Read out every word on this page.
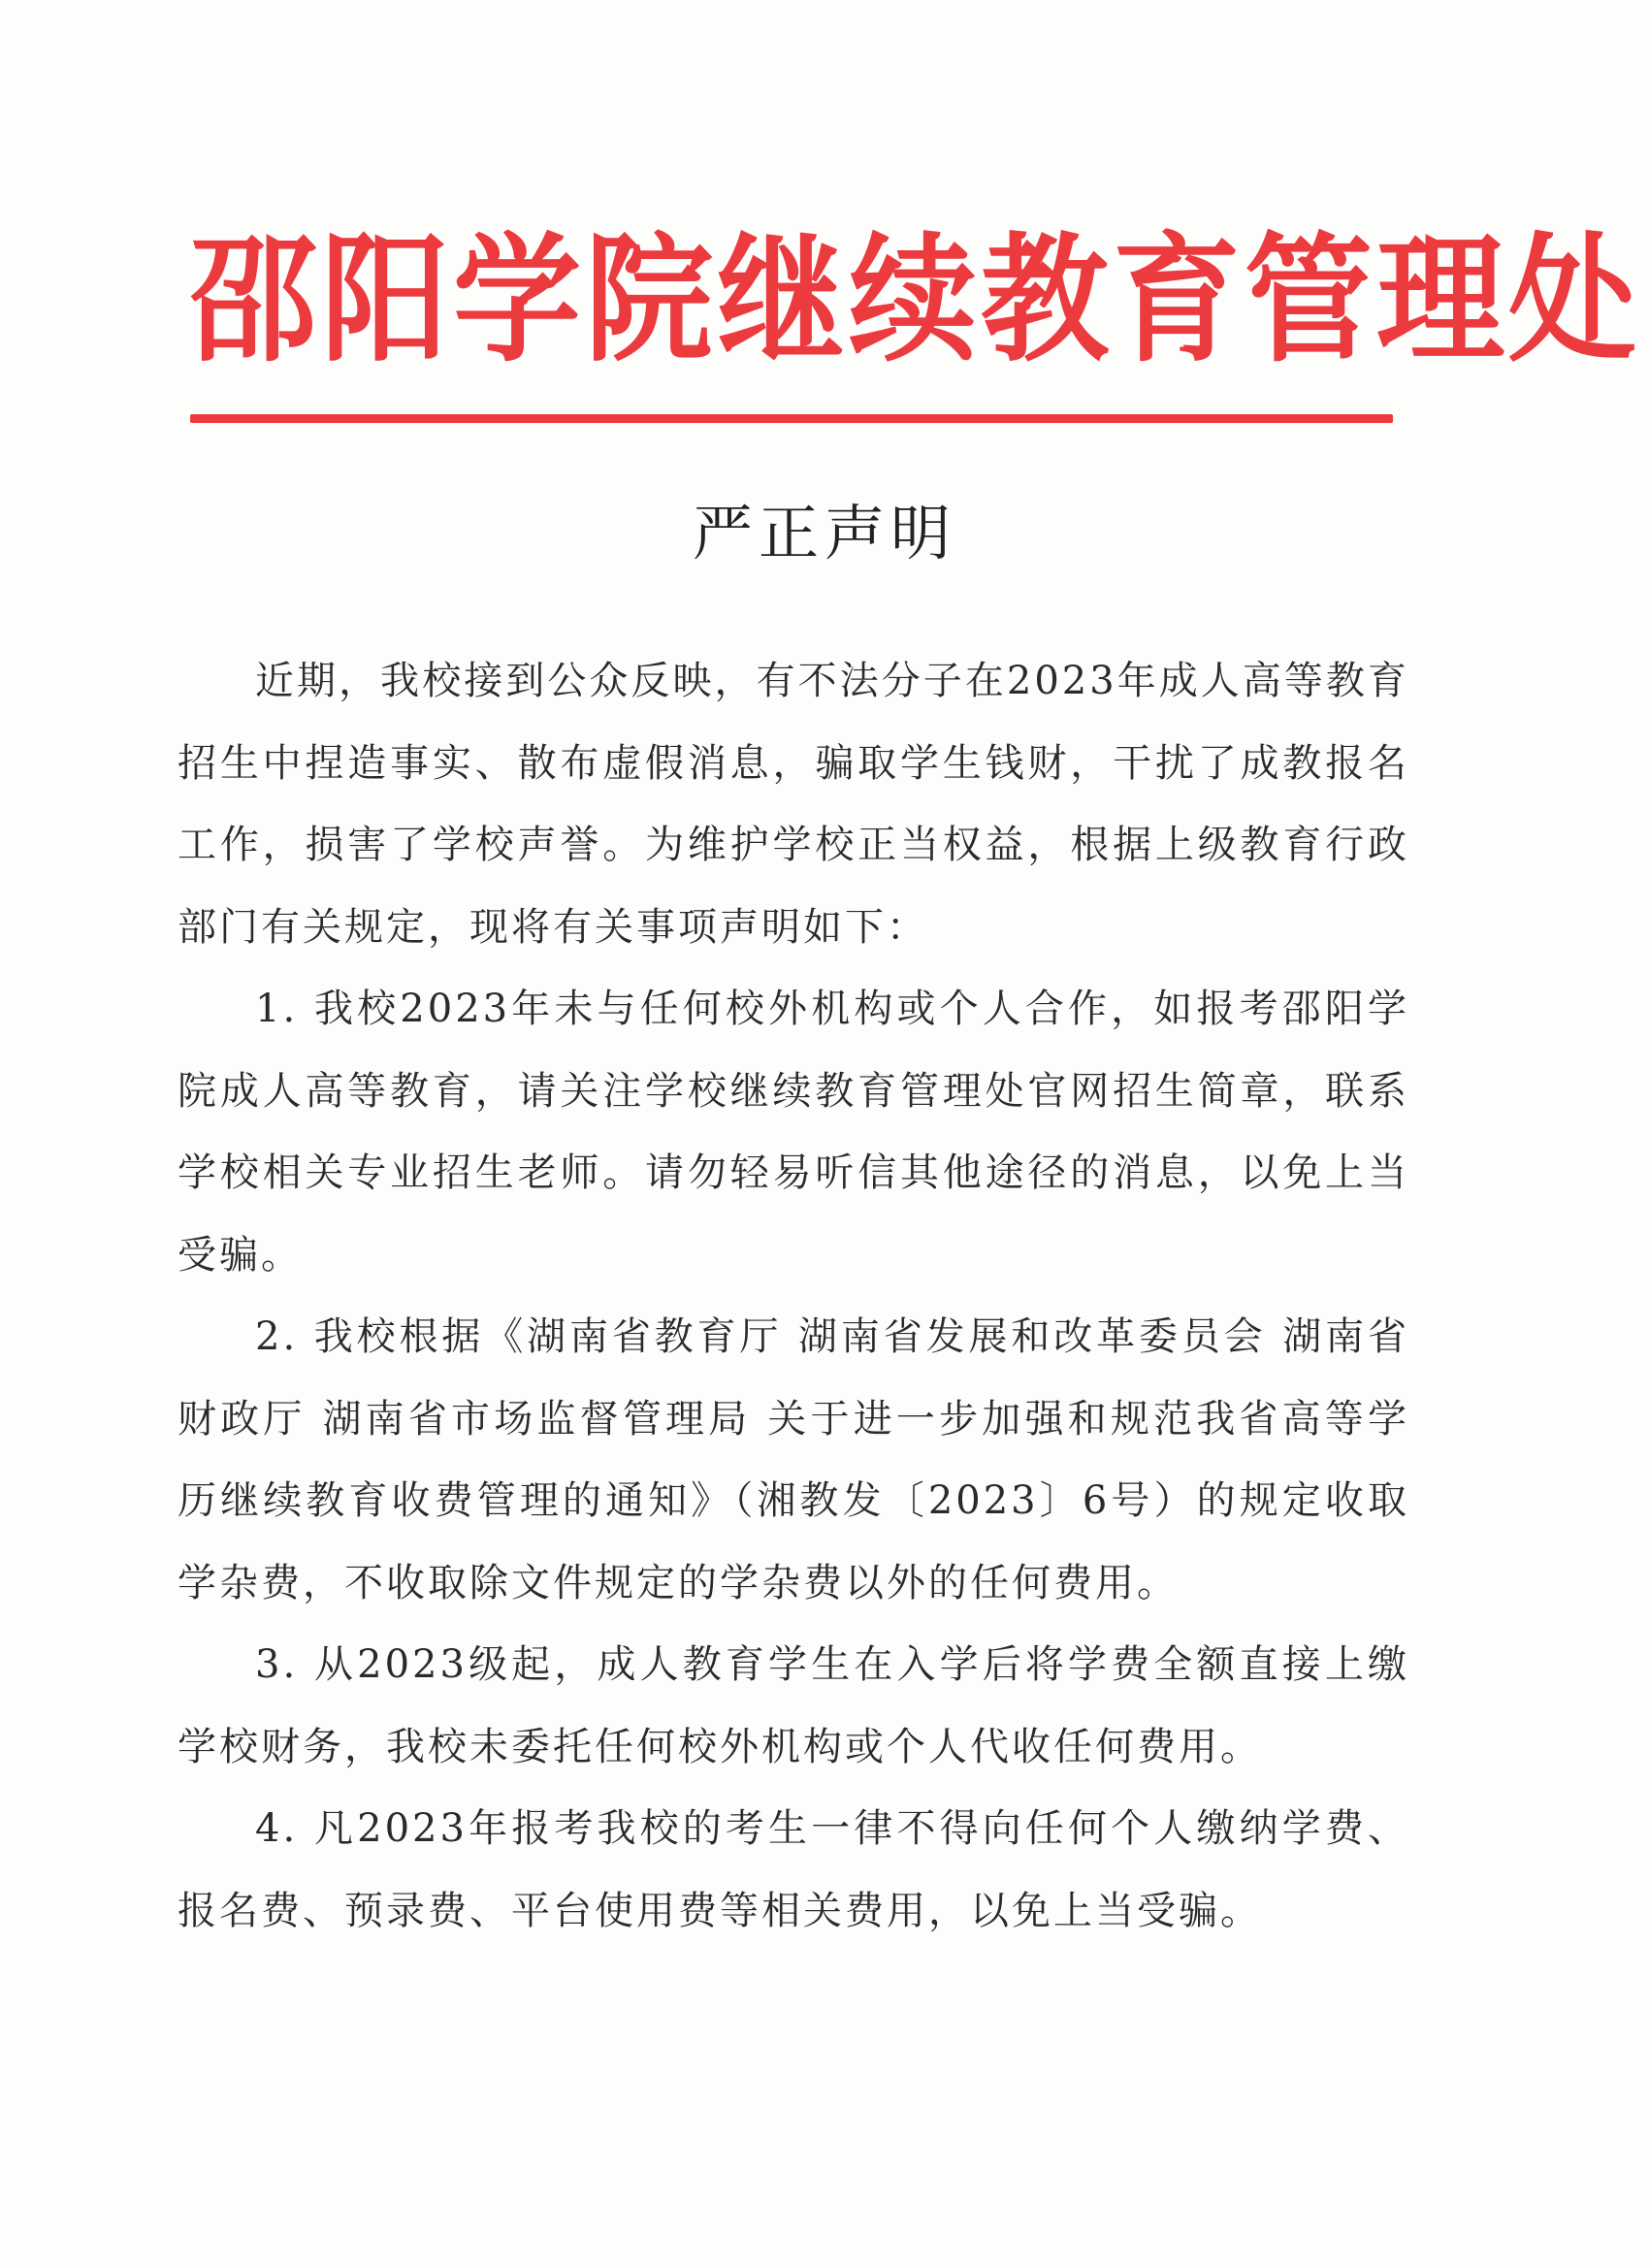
邵阳学院继续教育管理处
严正声明

近期，我校接到公众反映，有不法分子在2023年成人高等教育招生中捏造事实、散布虚假消息，骗取学生钱财，干扰了成教报名工作，损害了学校声誉。为维护学校正当权益，根据上级教育行政部门有关规定，现将有关事项声明如下：

1. 我校2023年未与任何校外机构或个人合作，如报考邵阳学院成人高等教育，请关注学校继续教育管理处官网招生简章，联系学校相关专业招生老师。请勿轻易听信其他途径的消息，以免上当受骗。

2. 我校根据《湖南省教育厅 湖南省发展和改革委员会 湖南省财政厅 湖南省市场监督管理局 关于进一步加强和规范我省高等学历继续教育收费管理的通知》（湘教发〔2023〕6号）的规定收取学杂费，不收取除文件规定的学杂费以外的任何费用。

3. 从2023级起，成人教育学生在入学后将学费全额直接上缴学校财务，我校未委托任何校外机构或个人代收任何费用。

4. 凡2023年报考我校的考生一律不得向任何个人缴纳学费、报名费、预录费、平台使用费等相关费用，以免上当受骗。
